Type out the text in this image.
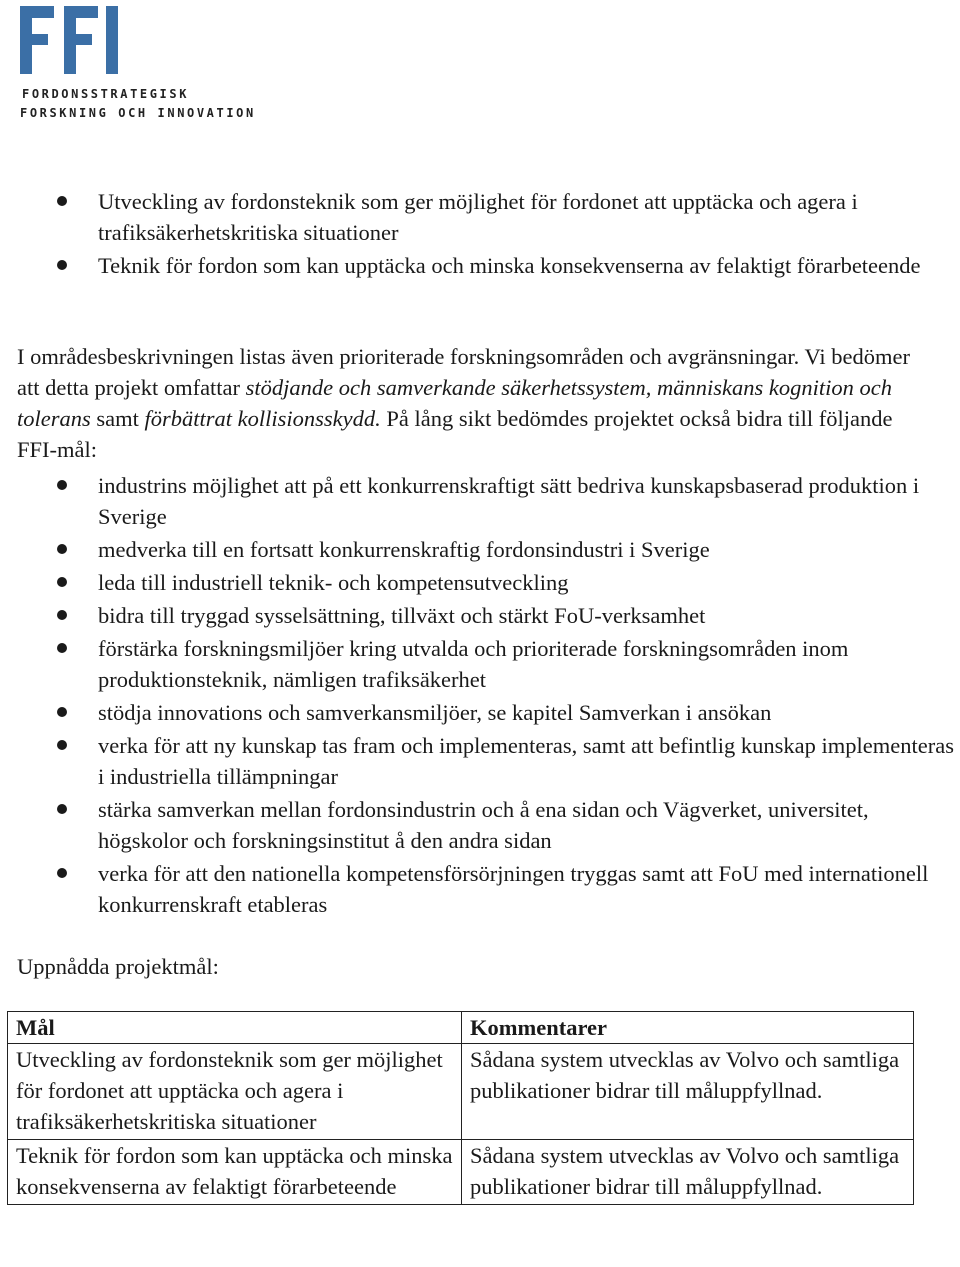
FFI
FORDONSSTRATEGISK
FORSKNING OCH INNOVATION
Utveckling av fordonsteknik som ger möjlighet för fordonet att upptäcka och agera i trafiksäkerhetskritiska situationer
Teknik för fordon som kan upptäcka och minska konsekvenserna av felaktigt förarbeteende

I områdesbeskrivningen listas även prioriterade forskningsområden och avgränsningar. Vi bedömer att detta projekt omfattar stödjande och samverkande säkerhetssystem, människans kognition och tolerans samt förbättrat kollisionsskydd. På lång sikt bedömdes projektet också bidra till följande FFI-mål:

industrins möjlighet att på ett konkurrenskraftigt sätt bedriva kunskapsbaserad produktion i Sverige
medverka till en fortsatt konkurrenskraftig fordonsindustri i Sverige
leda till industriell teknik- och kompetensutveckling
bidra till tryggad sysselsättning, tillväxt och stärkt FoU-verksamhet
förstärka forskningsmiljöer kring utvalda och prioriterade forskningsområden inom produktionsteknik, nämligen trafiksäkerhet
stödja innovations och samverkansmiljöer, se kapitel Samverkan i ansökan
verka för att ny kunskap tas fram och implementeras, samt att befintlig kunskap implementeras i industriella tillämpningar
stärka samverkan mellan fordonsindustrin och å ena sidan och Vägverket, universitet, högskolor och forskningsinstitut å den andra sidan
verka för att den nationella kompetensförsörjningen tryggas samt att FoU med internationell konkurrenskraft etableras
Uppnådda projektmål:
Mål	Kommentarer
Utveckling av fordonsteknik som ger möjlighet för fordonet att upptäcka och agera i trafiksäkerhetskritiska situationer	Sådana system utvecklas av Volvo och samtliga publikationer bidrar till måluppfyllnad.
Teknik för fordon som kan upptäcka och minska konsekvenserna av felaktigt förarbeteende	Sådana system utvecklas av Volvo och samtliga publikationer bidrar till måluppfyllnad.
